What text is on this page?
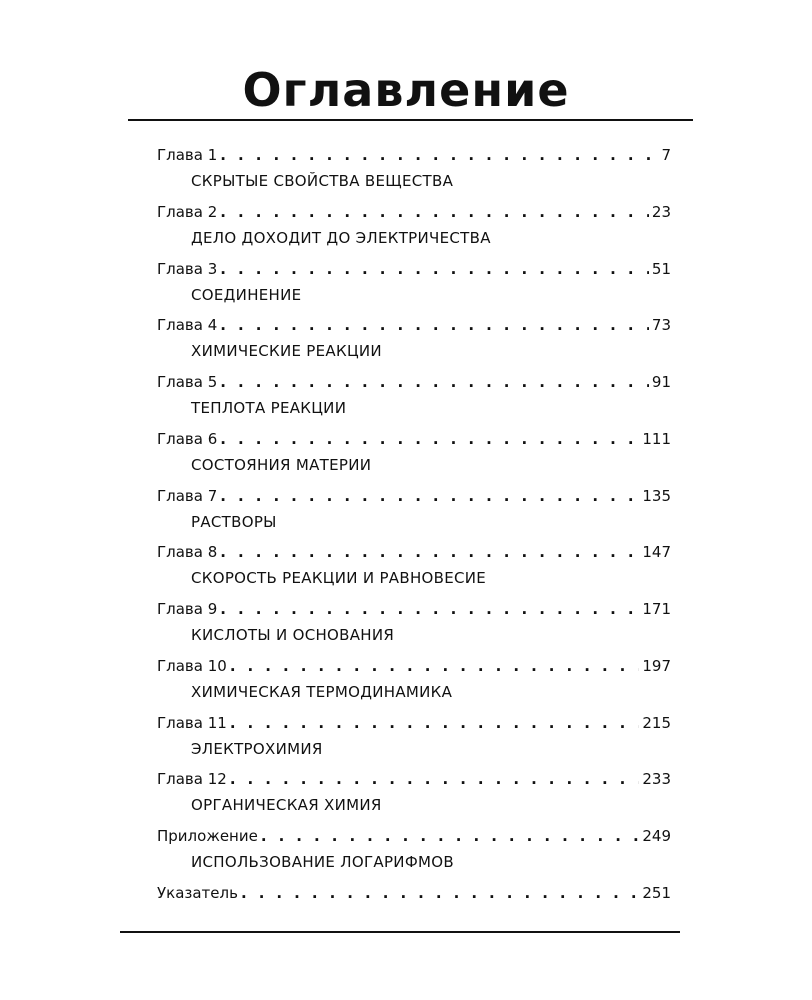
Оглавление
Глава 1 . . .	7
СКРЫТЫЕ СВОЙСТВА ВЕЩЕСТВА
Глава 2 . . .	23
ДЕЛО ДОХОДИТ ДО ЭЛЕКТРИЧЕСТВА
Глава 3 . . .	51
СОЕДИНЕНИЕ
Глава 4 . . .	73
ХИМИЧЕСКИЕ РЕАКЦИИ
Глава 5 . . .	91
ТЕПЛОТА РЕАКЦИИ
Глава 6 . . .	111
СОСТОЯНИЯ МАТЕРИИ
Глава 7 . . .	135
РАСТВОРЫ
Глава 8 . . .	147
СКОРОСТЬ РЕАКЦИИ И РАВНОВЕСИЕ
Глава 9 . . .	171
КИСЛОТЫ И ОСНОВАНИЯ
Глава 10 . . .	197
ХИМИЧЕСКАЯ ТЕРМОДИНАМИКА
Глава 11 . . .	215
ЭЛЕКТРОХИМИЯ
Глава 12 . . .	233
ОРГАНИЧЕСКАЯ ХИМИЯ
Приложение . . .	249
ИСПОЛЬЗОВАНИЕ ЛОГАРИФМОВ
Указатель . . .	251
